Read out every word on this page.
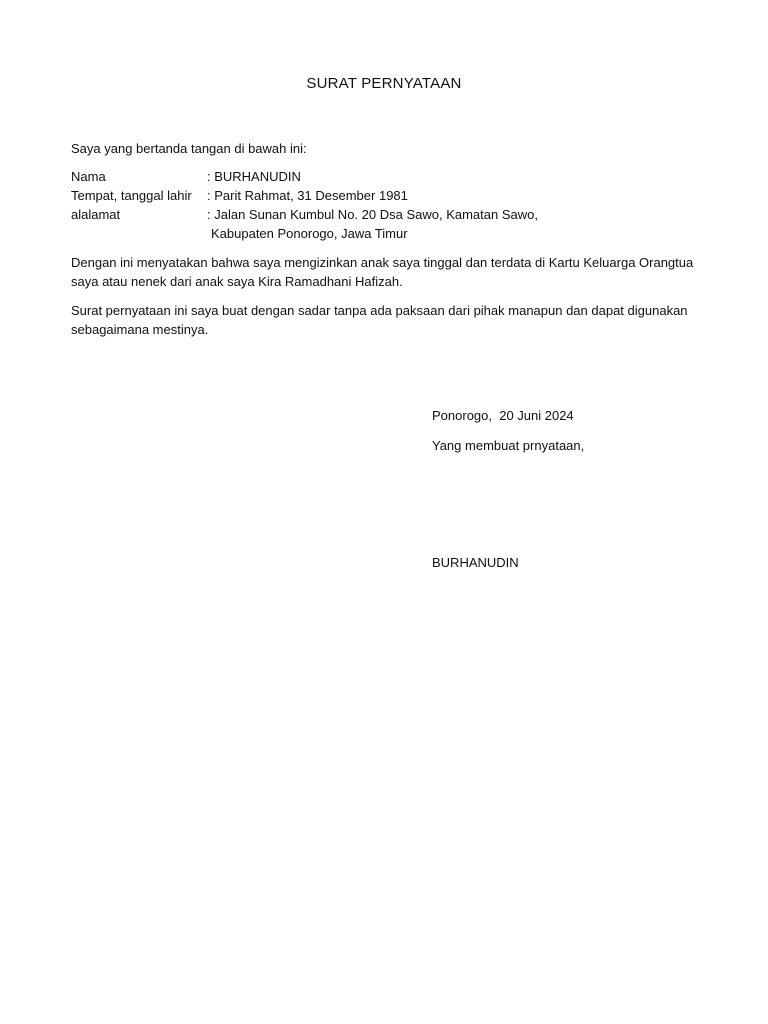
SURAT PERNYATAAN
Saya yang bertanda tangan di bawah ini:
Nama	: BURHANUDIN
Tempat, tanggal lahir	: Parit Rahmat, 31 Desember 1981
alalamat	: Jalan Sunan Kumbul No. 20 Dsa Sawo, Kamatan Sawo,
Kabupaten Ponorogo, Jawa Timur
Dengan ini menyatakan bahwa saya mengizinkan anak saya tinggal dan terdata di Kartu Keluarga Orangtua saya atau nenek dari anak saya Kira Ramadhani Hafizah.
Surat pernyataan ini saya buat dengan sadar tanpa ada paksaan dari pihak manapun dan dapat digunakan sebagaimana mestinya.
Ponorogo,  20 Juni 2024
Yang membuat prnyataan,
BURHANUDIN
